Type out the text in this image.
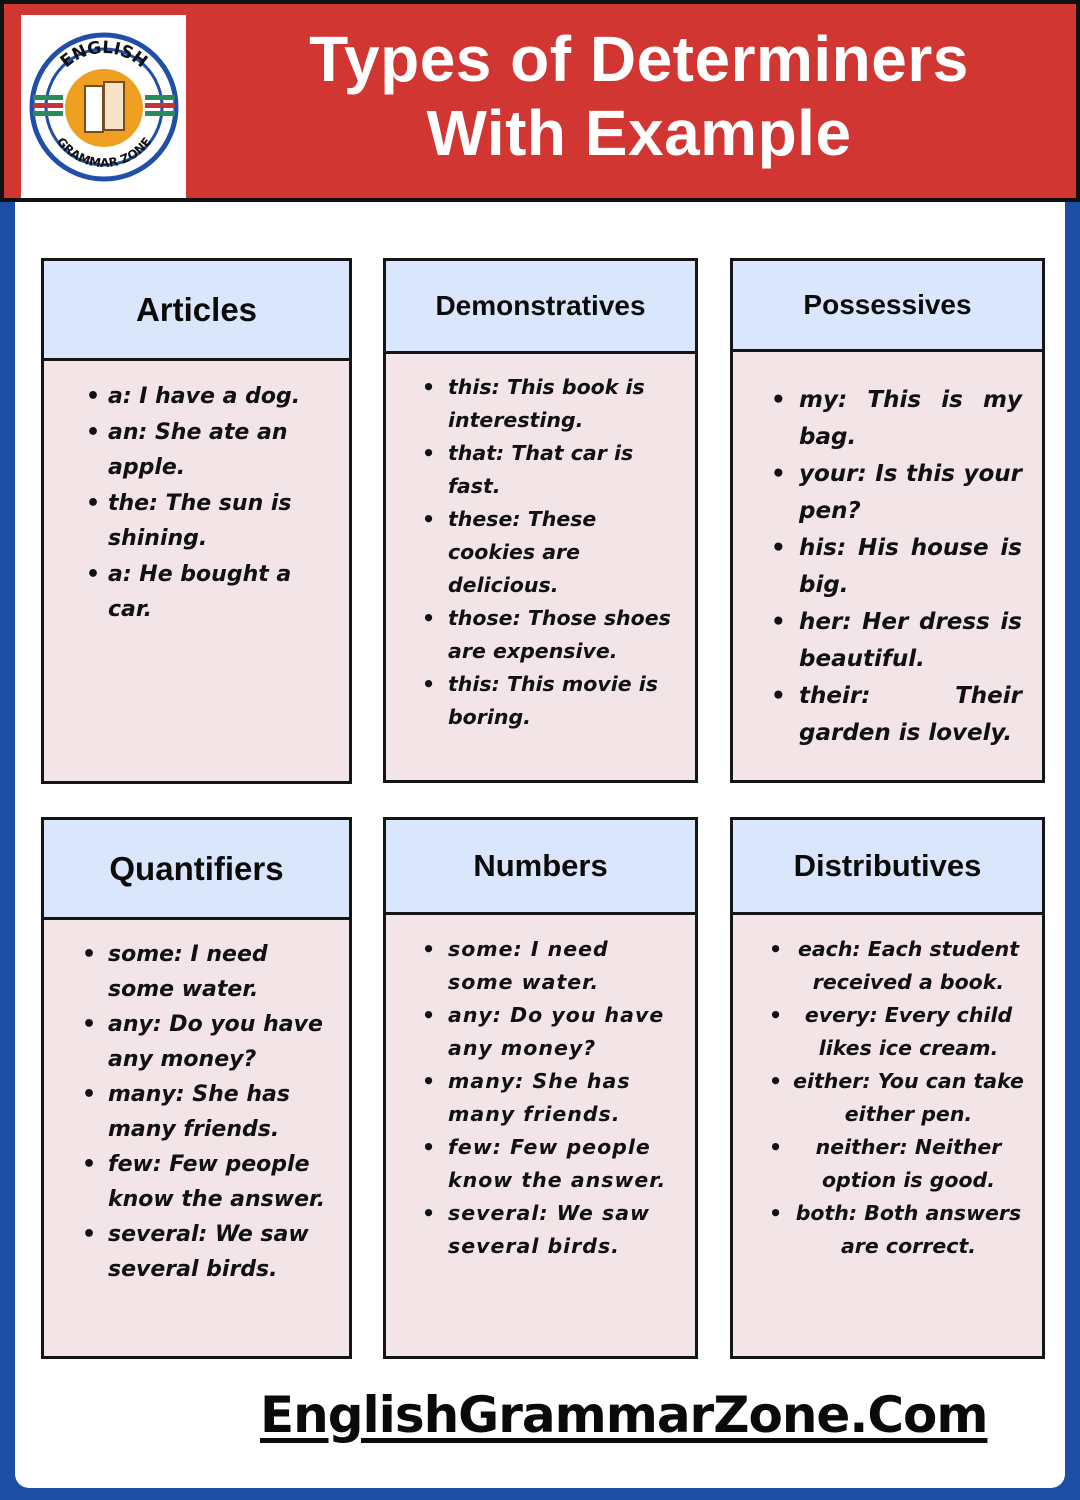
ENGLISH
GRAMMAR ZONE
Types of Determiners
With Example
Articles
• a: I have a dog.
• an: She ate an apple.
• the: The sun is shining.
• a: He bought a car.
Demonstratives
• this: This book is interesting.
• that: That car is fast.
• these: These cookies are delicious.
• those: Those shoes are expensive.
• this: This movie is boring.
Possessives
• my: This is my bag.
• your: Is this your pen?
• his: His house is big.
• her: Her dress is beautiful.
• their: Their garden is lovely.
Quantifiers
• some: I need some water.
• any: Do you have any money?
• many: She has many friends.
• few: Few people know the answer.
• several: We saw several birds.
Numbers
• some: I need some water.
• any: Do you have any money?
• many: She has many friends.
• few: Few people know the answer.
• several: We saw several birds.
Distributives
• each: Each student received a book.
• every: Every child likes ice cream.
• either: You can take either pen.
• neither: Neither option is good.
• both: Both answers are correct.
EnglishGrammarZone.Com
